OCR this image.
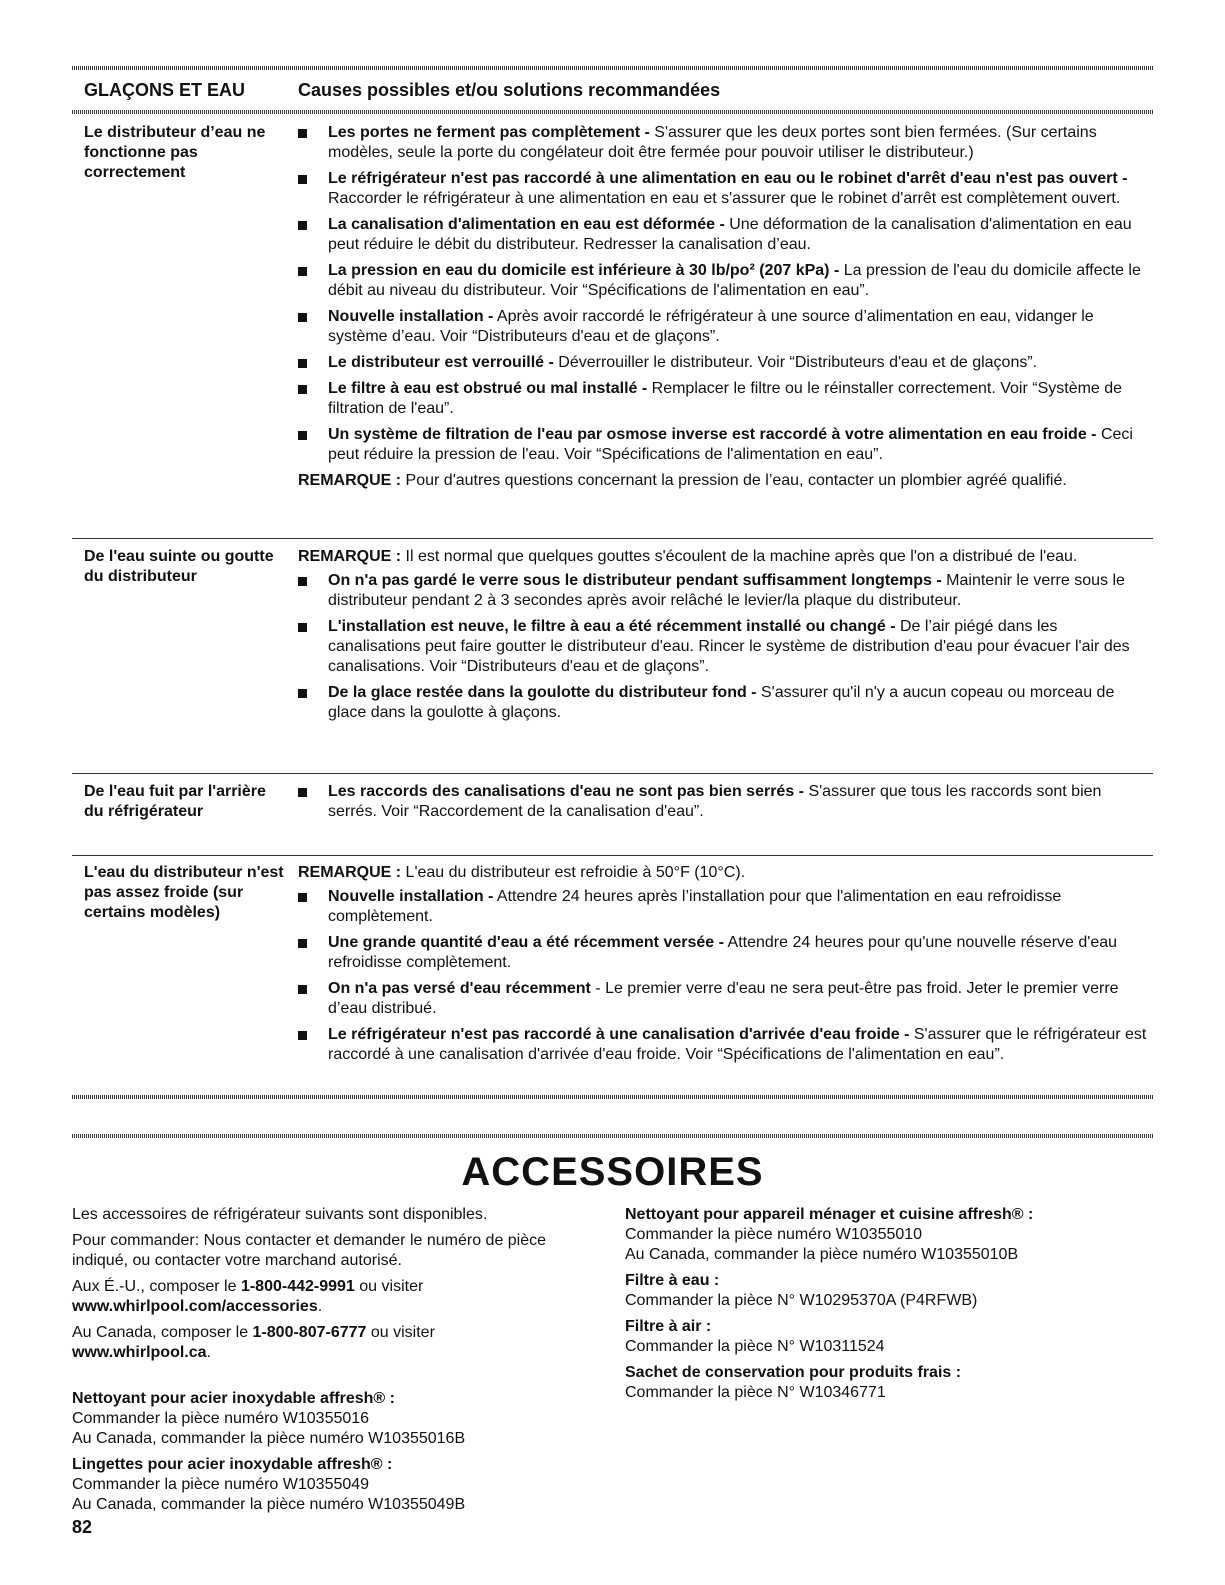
GLAÇONS ET EAU	Causes possibles et/ou solutions recommandées
Le distributeur d’eau ne fonctionne pas correctement
Les portes ne ferment pas complètement - S'assurer que les deux portes sont bien fermées. (Sur certains modèles, seule la porte du congélateur doit être fermée pour pouvoir utiliser le distributeur.)
Le réfrigérateur n'est pas raccordé à une alimentation en eau ou le robinet d'arrêt d'eau n'est pas ouvert - Raccorder le réfrigérateur à une alimentation en eau et s'assurer que le robinet d'arrêt est complètement ouvert.
La canalisation d'alimentation en eau est déformée - Une déformation de la canalisation d'alimentation en eau peut réduire le débit du distributeur. Redresser la canalisation d’eau.
La pression en eau du domicile est inférieure à 30 lb/po² (207 kPa) - La pression de l'eau du domicile affecte le débit au niveau du distributeur. Voir “Spécifications de l'alimentation en eau”.
Nouvelle installation - Après avoir raccordé le réfrigérateur à une source d’alimentation en eau, vidanger le système d’eau. Voir “Distributeurs d'eau et de glaçons”.
Le distributeur est verrouillé - Déverrouiller le distributeur. Voir “Distributeurs d'eau et de glaçons”.
Le filtre à eau est obstrué ou mal installé - Remplacer le filtre ou le réinstaller correctement. Voir “Système de filtration de l'eau”.
Un système de filtration de l'eau par osmose inverse est raccordé à votre alimentation en eau froide - Ceci peut réduire la pression de l'eau. Voir “Spécifications de l'alimentation en eau”.
REMARQUE : Pour d'autres questions concernant la pression de l’eau, contacter un plombier agréé qualifié.
De l'eau suinte ou goutte du distributeur
REMARQUE : Il est normal que quelques gouttes s'écoulent de la machine après que l'on a distribué de l'eau.
On n'a pas gardé le verre sous le distributeur pendant suffisamment longtemps - Maintenir le verre sous le distributeur pendant 2 à 3 secondes après avoir relâché le levier/la plaque du distributeur.
L'installation est neuve, le filtre à eau a été récemment installé ou changé - De l’air piégé dans les canalisations peut faire goutter le distributeur d'eau. Rincer le système de distribution d'eau pour évacuer l'air des canalisations. Voir “Distributeurs d'eau et de glaçons”.
De la glace restée dans la goulotte du distributeur fond - S'assurer qu'il n'y a aucun copeau ou morceau de glace dans la goulotte à glaçons.
De l'eau fuit par l'arrière du réfrigérateur
Les raccords des canalisations d'eau ne sont pas bien serrés - S'assurer que tous les raccords sont bien serrés. Voir “Raccordement de la canalisation d'eau”.
L'eau du distributeur n'est pas assez froide (sur certains modèles)
REMARQUE : L'eau du distributeur est refroidie à 50°F (10°C).
Nouvelle installation - Attendre 24 heures après l’installation pour que l'alimentation en eau refroidisse complètement.
Une grande quantité d'eau a été récemment versée - Attendre 24 heures pour qu'une nouvelle réserve d'eau refroidisse complètement.
On n'a pas versé d'eau récemment - Le premier verre d'eau ne sera peut-être pas froid. Jeter le premier verre d’eau distribué.
Le réfrigérateur n'est pas raccordé à une canalisation d'arrivée d'eau froide - S'assurer que le réfrigérateur est raccordé à une canalisation d'arrivée d'eau froide. Voir “Spécifications de l'alimentation en eau”.
ACCESSOIRES

Les accessoires de réfrigérateur suivants sont disponibles.

Pour commander: Nous contacter et demander le numéro de pièce indiqué, ou contacter votre marchand autorisé.

Aux É.-U., composer le 1-800-442-9991 ou visiter
www.whirlpool.com/accessories.

Au Canada, composer le 1-800-807-6777 ou visiter
www.whirlpool.ca.

Nettoyant pour acier inoxydable affresh® :
Commander la pièce numéro W10355016
Au Canada, commander la pièce numéro W10355016B
Lingettes pour acier inoxydable affresh® :
Commander la pièce numéro W10355049
Au Canada, commander la pièce numéro W10355049B
Nettoyant pour appareil ménager et cuisine affresh® :
Commander la pièce numéro W10355010
Au Canada, commander la pièce numéro W10355010B
Filtre à eau :
Commander la pièce N° W10295370A (P4RFWB)
Filtre à air :
Commander la pièce N° W10311524
Sachet de conservation pour produits frais :
Commander la pièce N° W10346771
82
